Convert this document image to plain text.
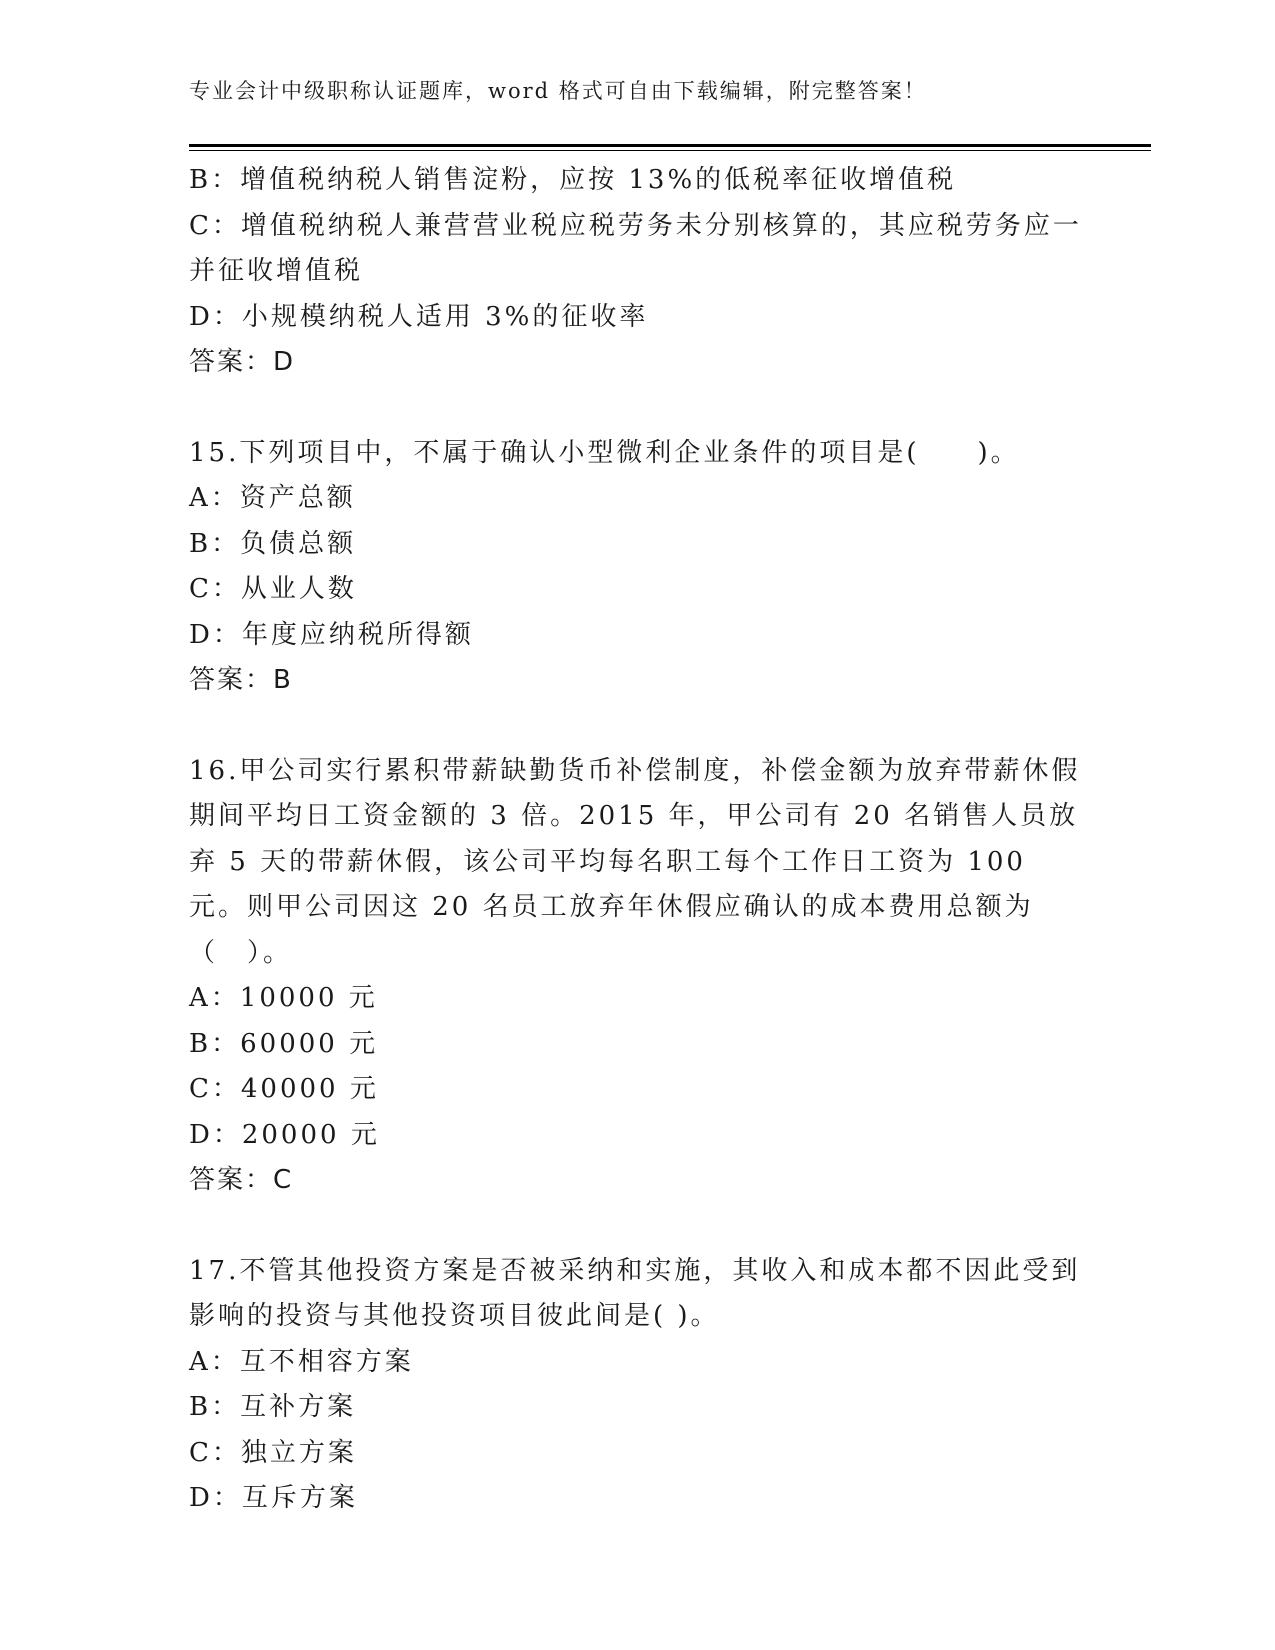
专业会计中级职称认证题库，word 格式可自由下载编辑，附完整答案！
B：增值税纳税人销售淀粉，应按 13%的低税率征收增值税
C：增值税纳税人兼营营业税应税劳务未分别核算的，其应税劳务应一并征收增值税
D：小规模纳税人适用 3%的征收率
答案：D
15.下列项目中，不属于确认小型微利企业条件的项目是(　　)。
A：资产总额
B：负债总额
C：从业人数
D：年度应纳税所得额
答案：B
16.甲公司实行累积带薪缺勤货币补偿制度，补偿金额为放弃带薪休假期间平均日工资金额的 3 倍。2015 年，甲公司有 20 名销售人员放弃 5 天的带薪休假，该公司平均每名职工每个工作日工资为 100 元。则甲公司因这 20 名员工放弃年休假应确认的成本费用总额为（　）。
A：10000 元
B：60000 元
C：40000 元
D：20000 元
答案：C
17.不管其他投资方案是否被采纳和实施，其收入和成本都不因此受到影响的投资与其他投资项目彼此间是( )。
A：互不相容方案
B：互补方案
C：独立方案
D：互斥方案
